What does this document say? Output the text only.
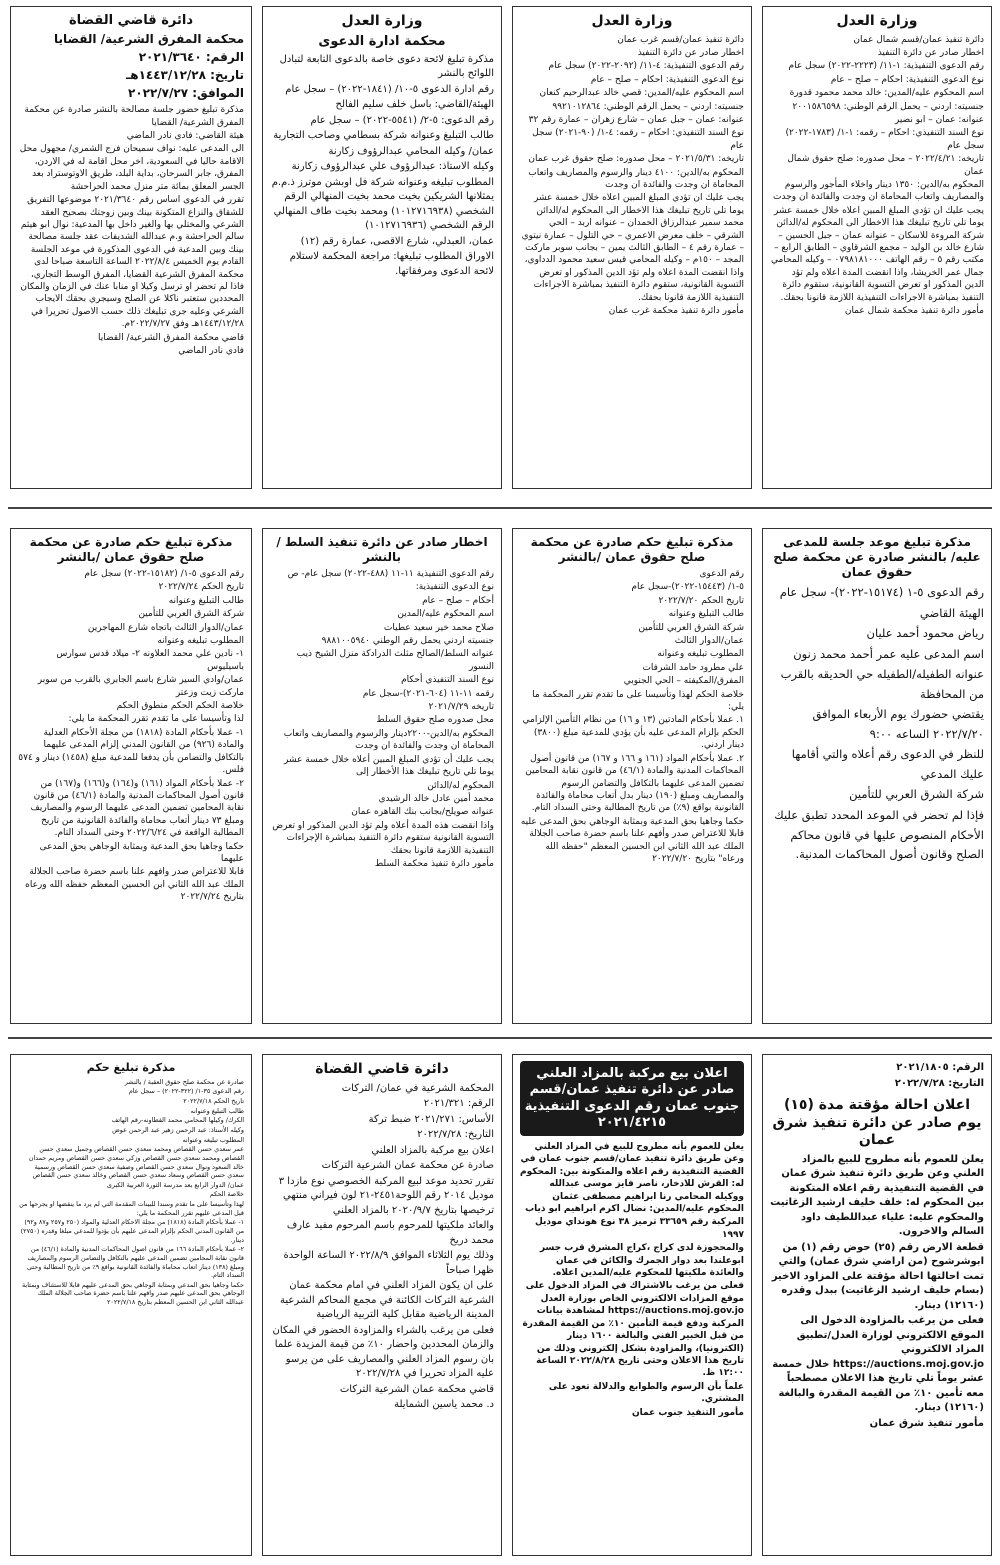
وزارة العدل

دائرة تنفيذ عمان/قسم شمال عمان

اخطار صادر عن دائرة التنفيذ

رقم الدعوى التنفيذية: ١-١١/ (٢٢٢٣-٢٠٢٢) سجل عام

نوع الدعوى التنفيذية: احكام – صلح – عام

اسم المحكوم عليه/المدين: خالد محمد محمود قدورة

جنسيته: اردني – يحمل الرقم الوطني: ٢٠٠١٥٨٦٥٩٨

عنوانه: عمان – ابو نصير

نوع السند التنفيذي: احكام – رقمه: ١-١/ (١٧٨٣-٢٠٢٢) سجل عام

تاريخه: ٢٠٢٢/٤/٢١ – محل صدوره: صلح حقوق شمال عمان

المحكوم به/الدين: ١٣٥٠ دينار واخلاء المأجور والرسوم والمصاريف واتعاب المحاماة ان وجدت والفائدة ان وجدت

يجب عليك ان تؤدي المبلغ المبين اعلاه خلال خمسة عشر يوما تلي تاريخ تبليغك هذا الاخطار الى المحكوم له/الدائن شركة المروءة للاسكان – عنوانه عمان – جبل الحسين – شارع خالد بن الوليد – مجمع الشرقاوي – الطابق الرابع – مكتب رقم ٥ – رقم الهاتف ٠٧٩٨١٨١٠٠٠ – وكيله المحامي جمال عمر الخريشا، واذا انقضت المدة اعلاه ولم تؤد الدين المذكور او تعرض التسوية القانونية، ستقوم دائرة التنفيذ بمباشرة الاجراءات التنفيذية اللازمة قانونا بحقك.

مأمور دائرة تنفيذ محكمة شمال عمان

وزارة العدل

دائرة تنفيذ عمان/قسم غرب عمان

اخطار صادر عن دائرة التنفيذ

رقم الدعوى التنفيذية: ٤-١١/ (٢٠٩٢-٢٠٢٢) سجل عام

نوع الدعوى التنفيذية: احكام – صلح – عام

اسم المحكوم عليه/المدين: قصي خالد عبدالرحيم كنعان

جنسيته: اردني – يحمل الرقم الوطني: ٩٩٢١٠١٢٨٦٤

عنوانه: عمان – جبل عمان – شارع زهران – عمارة رقم ٣٢

نوع السند التنفيذي: احكام – رقمه: ٤-١/ (٩٠-٢٠٢١) سجل عام

تاريخه: ٢٠٢١/٥/٣١ – محل صدوره: صلح حقوق غرب عمان

المحكوم به/الدين: ٤١٠٠ دينار والرسوم والمصاريف واتعاب المحاماة ان وجدت والفائدة ان وجدت

يجب عليك ان تؤدي المبلغ المبين اعلاه خلال خمسة عشر يوما تلي تاريخ تبليغك هذا الاخطار الى المحكوم له/الدائن محمد سمير عبدالرزاق الحمدان – عنوانه اربد – الحي الشرقي – خلف معرض الاعمري – حي التلول – عمارة نيتوي – عمارة رقم ٤ – الطابق الثالث يمين – بجانب سوبر ماركت المجد – ١٥٠م – وكيله المحامي قيس سعيد محمود الدداوي، واذا انقضت المدة اعلاه ولم تؤد الدين المذكور او تعرض التسوية القانونية، ستقوم دائرة التنفيذ بمباشرة الاجراءات التنفيذية اللازمة قانونا بحقك.

مأمور دائرة تنفيذ محكمة غرب عمان

وزارة العدل
محكمة ادارة الدعوى

مذكرة تبليغ لائحة دعوى خاصة بالدعوى التابعة لتبادل اللوائح بالنشر

رقم ادارة الدعوى ٥-١٠/ (١٨٤١-٢٠٢٢) – سجل عام

الهيئة/القاضي: باسل خلف سليم الفالح

رقم الدعوى: ٥-٢/ (٥٥٤١-٢٠٢٢) – سجل عام

طالب التبليغ وعنوانه شركة بسطامي وصاحب التجارية

عمان/ وكيله المحامي عبدالرؤوف زكارنة

وكيله الاستاذ: عبدالرؤوف علي عبدالرؤوف زكارنة

المطلوب تبليغه وعنوانه شركة فل اوبشن موترز ذ.م.م يمثلانها الشريكين بخيت محمد بخيت المنهالي الرقم الشخصي (١٠١٢٧١٦٩٣٨) ومحمد بخيت طاف المنهالي الرقم الشخصي (١٠١٢٧١٦٩٣٦)

عمان، العبدلي، شارع الاقصى، عمارة رقم (١٢)

الاوراق المطلوب تبليغها: مراجعة المحكمة لاستلام لائحة الدعوى ومرفقاتها.

دائرة قاضي القضاة
محكمة المفرق الشرعية/ القضايا
الرقم: ٢٠٢١/٣٦٤٠
تاريخ: ١٤٤٣/١٢/٢٨هـ
الموافق: ٢٠٢٢/٧/٢٧

مذكرة تبليغ حضور جلسة مصالحة بالنشر صادرة عن محكمة المفرق الشرعية/ القضايا

هيئة القاضي: فادي نادر الماضي

الى المدعى عليه: نواف سميحان فرج الشمري/ مجهول محل الاقامة حاليا في السعودية، اخر محل اقامة له في الاردن، المفرق، جابر السرحان، بداية البلد، طريق الاوتوستراد بعد الجسر المعلق بمائة متر منزل محمد الحراحشة

تقرر في الدعوى اساس رقم ٢٠٢١/٣٦٤٠ موضوعها التفريق للشقاق والنزاع المتكونة بينك وبين زوجتك بصحيح العقد الشرعي والمختلي بها والغير داخل بها المدعية: نوال ابو هيثم سالم الحراحشة و.م عبدالله الشديفات عقد جلسة مصالحة بينك وبين المدعية في الدعوى المذكورة في موعد الجلسة القادم يوم الخميس ٢٠٢٢/٨/٤ الساعة التاسعة صباحا لدى محكمة المفرق الشرعية القضايا، المفرق الوسط التجاري، فاذا لم تحضر او ترسل وكيلا او منابا عنك في الزمان والمكان المحددين ستعتبر ناكلا عن الصلح وسيجري بحقك الايجاب الشرعي وعليه جرى تبليغك ذلك حسب الاصول تحريرا في ١٤٤٣/١٢/٢٨هـ وفق ٢٠٢٢/٧/٢٧م.

قاضي محكمة المفرق الشرعية/ القضايا

فادي نادر الماضي

مذكرة تبليغ موعد جلسة للمدعى عليه/ بالنشر صادرة عن محكمة صلح حقوق عمان

رقم الدعوى ٥-١ (١٥١٧٤-٢٠٢٢)- سجل عام

الهيئة القاضي

رياض محمود أحمد عليان

اسم المدعى عليه عمر أحمد محمد زنون

عنوانه الطفيله/الطفيله حي الحديقه بالقرب من المحافظة

يقتضي حضورك يوم الأربعاء الموافق ٢٠٢٢/٧/٢٠ الساعه ٩:٠٠

للنظر في الدعوى رقم أعلاه والتي أقامها عليك المدعي

شركة الشرق العربي للتأمين

فإذا لم تحضر في الموعد المحدد تطبق عليك الأحكام المنصوص عليها في قانون محاكم الصلح وقانون أصول المحاكمات المدنية.

مذكرة تبليغ حكم صادرة عن محكمة صلح حقوق عمان /بالنشر

رقم الدعوى

٥-١/ (١٥٤٤٣-٢٠٢٢)-سجل عام

تاريخ الحكم ٢٠٢٢/٧/٢٠

طالب التبليغ وعنوانه

شركة الشرق العربي للتأمين

عمان/الدوار الثالث

المطلوب تبليغه وعنوانه

علي مطرود حامد الشرفات

المفرق/المكيفته – الحي الجنوبي

خلاصة الحكم لهذا وتأسيسا على ما تقدم تقرر المحكمة ما يلي:

١. عملا بأحكام المادتين (١٣ و ١٦) من نظام التأمين الإلزامي الحكم بإلزام المدعى عليه بأن يؤدي للمدعية مبلغ (٣٨٠٠) دينار اردني.

٢. عملا بأحكام المواد (١٦١ و ١٦٦ و ١٦٧) من قانون أصول المحاكمات المدنية والمادة (٤٦/١) من قانون نقابة المحامين تضمين المدعى عليهما بالتكافل والتضامن الرسوم والمصاريف ومبلغ (١٩٠) دينار بدل أتعاب محاماة والفائدة القانونية بواقع (٩٪) من تاريخ المطالبة وحتى السداد التام.

حكما وجاهيا بحق المدعية وبمثابة الوجاهي بحق المدعى عليه قابلا للاعتراض صدر وأفهم علنا باسم حضرة صاحب الجلالة الملك عبد الله الثاني ابن الحسين المعظم "حفظه الله ورعاه" بتاريخ ٢٠٢٢/٧/٢٠

اخطار صادر عن دائرة تنفيذ السلط /بالنشر

رقم الدعوى التنفيذية ١١-١١ (٤٨٨-٢٠٢٢) سجل عام- ص

نوع الدعوى التنفيذية:

أحكام – صلح – عام

اسم المحكوم عليه/المدين

صلاح محمد خير سعيد عطيات

جنسيته اردني يحمل رقم الوطني ٩٨٨١٠٠٥٩٤٠

عنوانه السلط/الصالح مثلث الدرادكة منزل الشيخ ذيب النسور

نوع السند التنفيذي أحكام

رقمه ١١-١١ (٦٠٤-٢٠٢١)-سجل عام

تاريخه ٢٠٢١/٧/٢٩

محل صدوره صلح حقوق السلط

المحكوم به/الدين-٢٢٠٠دينار والرسوم والمصاريف واتعاب المحاماة ان وجدت والفائدة ان وجدت

يجب عليك أن تؤدي المبلغ المبين أعلاه خلال خمسة عشر يوما تلي تاريخ تبليغك هذا الأخطار إلى

المحكوم له/الدائن

محمد أمين عادل خالد الرشيدي

عنوانه صويلح/بجانب بنك القاهره عمان

واذا انقضت هذه المدة أعلاه ولم تؤد الدين المذكور او تعرض التسوية القانونية ستقوم دائرة التنفيذ بمباشرة الإجراءات التنفيذية اللازمة قانونا بحقك

مأمور دائرة تنفيذ محكمة السلط

مذكرة تبليغ حكم صادرة عن محكمة صلح حقوق عمان /بالنشر

رقم الدعوى ٥-١/ (١٥١٨٢-٢٠٢٢) سجل عام

تاريخ الحكم ٢٠٢٢/٧/٢٤

طالب التبليغ وعنوانه

شركة الشرق العربي للتأمين

عمان/الدوار الثالث باتجاه شارع المهاجرين

المطلوب تبليغه وعنوانه

١- نادين علي محمد العلاونه ٢- ميلاد قدس سوارس باسيليوس

عمان/وادي السير شارع باسم الجابري بالقرب من سوبر ماركت زيت وزعتر

خلاصة الحكم الحكم منطوق الحكم

لذا وتأسيسا على ما تقدم تقرر المحكمة ما يلي:

١- عملا بأحكام المادة (١٨١٨) من مجلة الأحكام العدلية والمادة (٩٢٦) من القانون المدني إلزام المدعى عليهما بالتكافل والتضامن بأن يدفعا للمدعية مبلغ (١٤٥٨) دينار و ٥٧٤ فلس.

٢- عملا بأحكام المواد (١٦١) و(١٦٤) و(١٦٦) و(١٦٧) من قانون أصول المحاكمات المدنية والمادة (٤٦/١) من قانون نقابة المحامين تضمين المدعى عليهما الرسوم والمصاريف ومبلغ ٧٣ دينار أتعاب محاماة والفائدة القانونية من تاريخ المطالبة الواقعة في ٢٠٢٢/٦/٢٤ وحتى السداد التام.

حكما وجاهيا بحق المدعية وبمثابة الوجاهي بحق المدعى عليهما

قابلا للاعتراض صدر وافهم علنا باسم حضرة صاحب الجلالة الملك عبد الله الثاني ابن الحسين المعظم حفظه الله ورعاه بتاريخ ٢٠٢٢/٧/٢٤

الرقم: ٢٠٢١/١٨٠٥

التاريخ: ٢٠٢٢/٧/٢٨

اعلان احالة مؤقتة مدة (١٥) يوم صادر عن دائرة تنفيذ شرق عمان

يعلن للعموم بأنه مطروح للبيع بالمزاد العلني وعن طريق دائرة تنفيذ شرق عمان في القضية التنفيذية رقم اعلاه المتكونة بين المحكوم له: خلف خليف ارشيد الزغاتيت والمحكوم عليه: علياء عبداللطيف داود السالم والاخرون.

قطعة الارض رقم (٢٥) حوض رقم (١) من ابوشرشوح (من اراضي شرق عمان) والتي تمت احالتها احالة مؤقتة على المزاود الاخير (بسام خليف ارشيد الزغاتيت) ببدل وقدره (١٢١٦٠) دينار.

فعلى من يرغب بالمزاودة الدخول الى الموقع الالكتروني لوزارة العدل/تطبيق المزاد الالكتروني https://auctions.moj.gov.jo خلال خمسة عشر يوماً تلي تاريخ هذا الاعلان مصطحباً معه تأمين ١٠٪ من القيمة المقدرة والبالغة (١٢١٦٠) دينار.

مأمور تنفيذ شرق عمان

اعلان بيع مركبة بالمزاد العلني صادر عن دائرة تنفيذ عمان/قسم جنوب عمان رقم الدعوى التنفيذية ٢٠٢١/٤٢١٥

يعلن للعموم بأنه مطروح للبيع في المزاد العلني وعن طريق دائرة تنفيذ عمان/قسم جنوب عمان في القضية التنفيذية رقم اعلاه والمتكونة بين: المحكوم له: القرش للادخار، ناصر فايز موسى عبدالله ووكيله المحامي رنا ابراهيم مصطفى عثمان المحكوم عليه/المدين: نضال اكرم ابراهيم ابو ذياب

المركبة رقم ٣٣٦٥٩ ترميز ٣٨ نوع هونداي موديل ١٩٩٧

والمحجوزة لدى كراج ،كراج المشرق قرب جسر ابوعلندا بعد دوار الجمرك والكائن في عمان والعائدة ملكيتها للمحكوم عليه/المدين اعلاه.

فعلى من يرغب بالاشتراك في المزاد الدخول على موقع المزادات الالكتروني الخاص بوزارة العدل https://auctions.moj.gov.jo لمشاهدة بيانات المركبة ودفع قيمة التأمين ١٠٪ من القيمة المقدرة من قبل الخبير الفني والبالغة ١٦٠٠ دينار (الكترونيا)، والمزاودة بشكل إلكتروني وذلك من تاريخ هذا الاعلان وحتى تاريخ ٢٠٢٢/٨/٢٨ الساعة ١٢:٠٠ ظ.

علماً بأن الرسوم والطوابع والدلالة تعود على المشتري.

مأمور التنفيذ جنوب عمان

دائرة قاضي القضاة

المحكمة الشرعية في عمان/ التركات

الرقم: ٢٠٢١/٣٢١

الأساس: ٢٠٢١/٢٧١ ضبط تركة

التاريخ: ٢٠٢٢/٧/٢٨

اعلان بيع مركبة بالمزاد العلني

صادرة عن محكمة عمان الشرعية التركات

تقرر تحديد موعد لبيع المركبة الخصوصي نوع مازدا ٣ موديل ٢٠١٤ رقم اللوحة٢٤٥١-٢١ لون فيراني منتهي ترخيصها بتاريخ ٢٠٢٠/٩/٧ بالمزاد العلني

والعائد ملكيتها للمرحوم باسم المرحوم مفيد عارف محمد دريخ

وذلك يوم الثلاثاء الموافق ٢٠٢٢/٨/٩ الساعة الواحدة ظهرا صباحاً

على ان يكون المزاد العلني في امام محكمة عمان الشرعية التركات الكائنة في مجمع المحاكم الشرعية المدينة الرياضية مقابل كلية التربية الرياضية

فعلى من يرغب بالشراء والمزاودة الحضور في المكان والزمان المحددين واحضار ١٠٪ من قيمة المزيدة علما بان رسوم المزاد العلني والمصاريف على من يرسو عليه المزاد تحريرا في ٢٠٢٢/٧/٢٨

قاضي محكمة عمان الشرعية التركات

د. محمد ياسين الشمايلة

مذكرة تبليغ حكم

صادرة عن محكمة صلح حقوق العقبة / بالنشر

رقم الدعوى ٣٥-١/ (٣٢٢-٢٠٢٢) – سجل عام

تاريخ الحكم ٢٠٢٢/٧/١٨

طالب التبليغ وعنوانه

الكرك/ وكيلها المحامي محمد القطاونه-رقم الهاتف

وكيله الأستاذ: عبد الرحمن زهير عبد الرحمن عوض

المطلوب تبليغه وعنوانه

عمر سعدي حسن القصاص ومحمد سعدي حسن القصاص وجميل سعدي حسن القصاص ومحمد سعدي حسن القصاص وزكي سعدي حسن القصاص ومريم حمدان خالد السعود ونوال سعدي حسن القصاص وصفية سعدي حسن القصاص ورسمية سعدي حسن القصاص وسعاد سعدي حسن القصاص وخالد سعدي حسن القصاص

عمان/ الدوار الرابع بعد مدرسة الثورة العربية الكبرى

خلاصة الحكم

لهذا وتأسيسا على ما تقدم وسندا للبينات المقدمة التي لم يرد ما ينقضها او يجرحها من قبل المدعى عليهم تقرر المحكمة ما يلي:

١- عملا بأحكام المادة (١٨١٨) من مجلة الاحكام العدلية والمواد (٢٥٠ و٢٥٧ و٨٧ و٩٢) من القانون المدني الحكم بإلزام المدعى عليهم بأن يؤدوا للمدعي مبلغا وقدره (٢٧٥٠) دينار.

٢- عملا بأحكام المادة ١٦٦ من قانون اصول المحاكمات المدنية والمادة (٤٦/١) من قانون نقابة المحامين تضمين المدعى عليهم بالتكافل والتضامن الرسوم والمصاريف ومبلغ (١٣٨) دينار اتعاب محاماة والفائدة القانونية بواقع ٩٪ من تاريخ المطالبة وحتى السداد التام.

حكما وجاهيا بحق المدعي وبمثابة الوجاهي بحق المدعى عليهم قابلا للاستئناف وبمثابة الوجاهي بحق المدعى عليهم صدر وافهم علنا باسم حضرة صاحب الجلالة الملك عبدالله الثاني ابن الحسين المعظم بتاريخ ٢٠٢٢/٧/١٨
